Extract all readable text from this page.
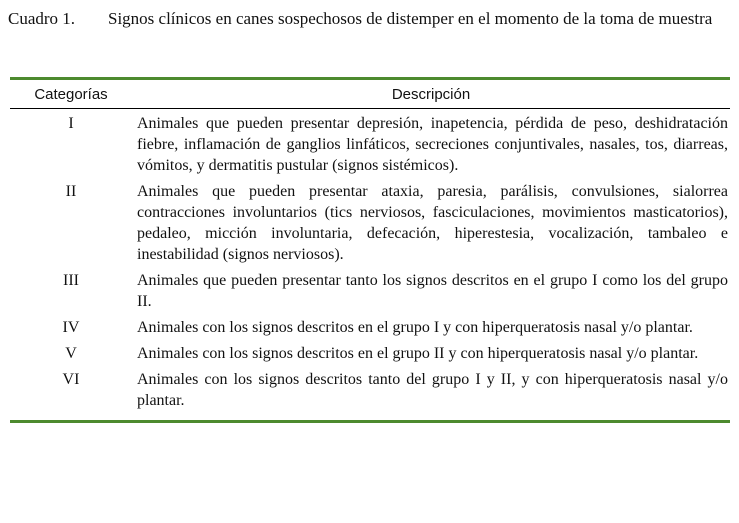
Cuadro 1.	Signos clínicos en canes sospechosos de distemper en el momento de la toma de muestra
Categorías	Descripción
I	Animales que pueden presentar depresión, inapetencia, pérdida de peso, deshidratación fiebre, inflamación de ganglios linfáticos, secreciones conjuntivales, nasales, tos, diarreas, vómitos, y dermatitis pustular (signos sistémicos).
II	Animales que pueden presentar ataxia, paresia, parálisis, convulsiones, sialorrea contracciones involuntarios (tics nerviosos, fasciculaciones, movimientos masticatorios), pedaleo, micción involuntaria, defecación, hiperestesia, vocalización, tambaleo e inestabilidad (signos nerviosos).
III	Animales que pueden presentar tanto los signos descritos en el grupo I como los del grupo II.
IV	Animales con los signos descritos en el grupo I y con hiperqueratosis nasal y/o plantar.
V	Animales con los signos descritos en el grupo II y con hiperqueratosis nasal y/o plantar.
VI	Animales con los signos descritos tanto del grupo I y II, y con hiperqueratosis nasal y/o plantar.
